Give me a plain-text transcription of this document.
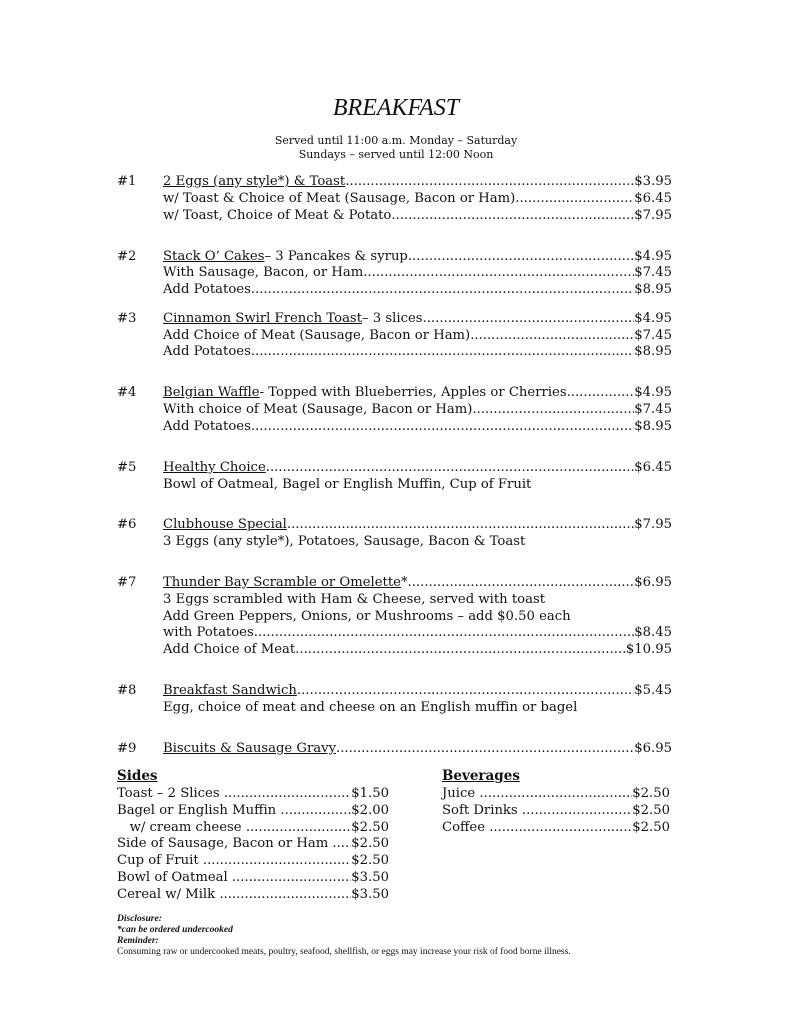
BREAKFAST
Served until 11:00 a.m. Monday – Saturday
Sundays – served until 12:00 Noon
#1 2 Eggs (any style*) & Toast .....	$3.95
w/ Toast & Choice of Meat (Sausage, Bacon or Ham) .....	$6.45
w/ Toast, Choice of Meat & Potato .....	$7.95
#2 Stack O’ Cakes – 3 Pancakes & syrup .....	$4.95
With Sausage, Bacon, or Ham .....	$7.45
Add Potatoes .....	$8.95
#3 Cinnamon Swirl French Toast – 3 slices .....	$4.95
Add Choice of Meat (Sausage, Bacon or Ham) .....	$7.45
Add Potatoes .....	$8.95
#4 Belgian Waffle - Topped with Blueberries, Apples or Cherries .....	$4.95
With choice of Meat (Sausage, Bacon or Ham) .....	$7.45
Add Potatoes .....	$8.95
#5 Healthy Choice .....	$6.45
Bowl of Oatmeal, Bagel or English Muffin, Cup of Fruit
#6 Clubhouse Special .....	$7.95
3 Eggs (any style*), Potatoes, Sausage, Bacon & Toast
#7 Thunder Bay Scramble or Omelette * .....	$6.95
3 Eggs scrambled with Ham & Cheese, served with toast
Add Green Peppers, Onions, or Mushrooms – add $0.50 each
with Potatoes .....	$8.45
Add Choice of Meat .....	$10.95
#8 Breakfast Sandwich .....	$5.45
Egg, choice of meat and cheese on an English muffin or bagel
#9 Biscuits & Sausage Gravy .....	$6.95
Sides	Beverages
Toast – 2 Slices .....	$1.50
Bagel or English Muffin .....	$2.00
w/ cream cheese .....	$2.50
Side of Sausage, Bacon or Ham ..... $2.50
Cup of Fruit .....	$2.50
Bowl of Oatmeal .....	$3.50
Cereal w/ Milk .....	$3.50
Juice .....	$2.50
Soft Drinks .....	$2.50
Coffee .....	$2.50
Disclosure:
*can be ordered undercooked
Reminder:
Consuming raw or undercooked meats, poultry, seafood, shellfish, or eggs may increase your risk of food borne illness.
